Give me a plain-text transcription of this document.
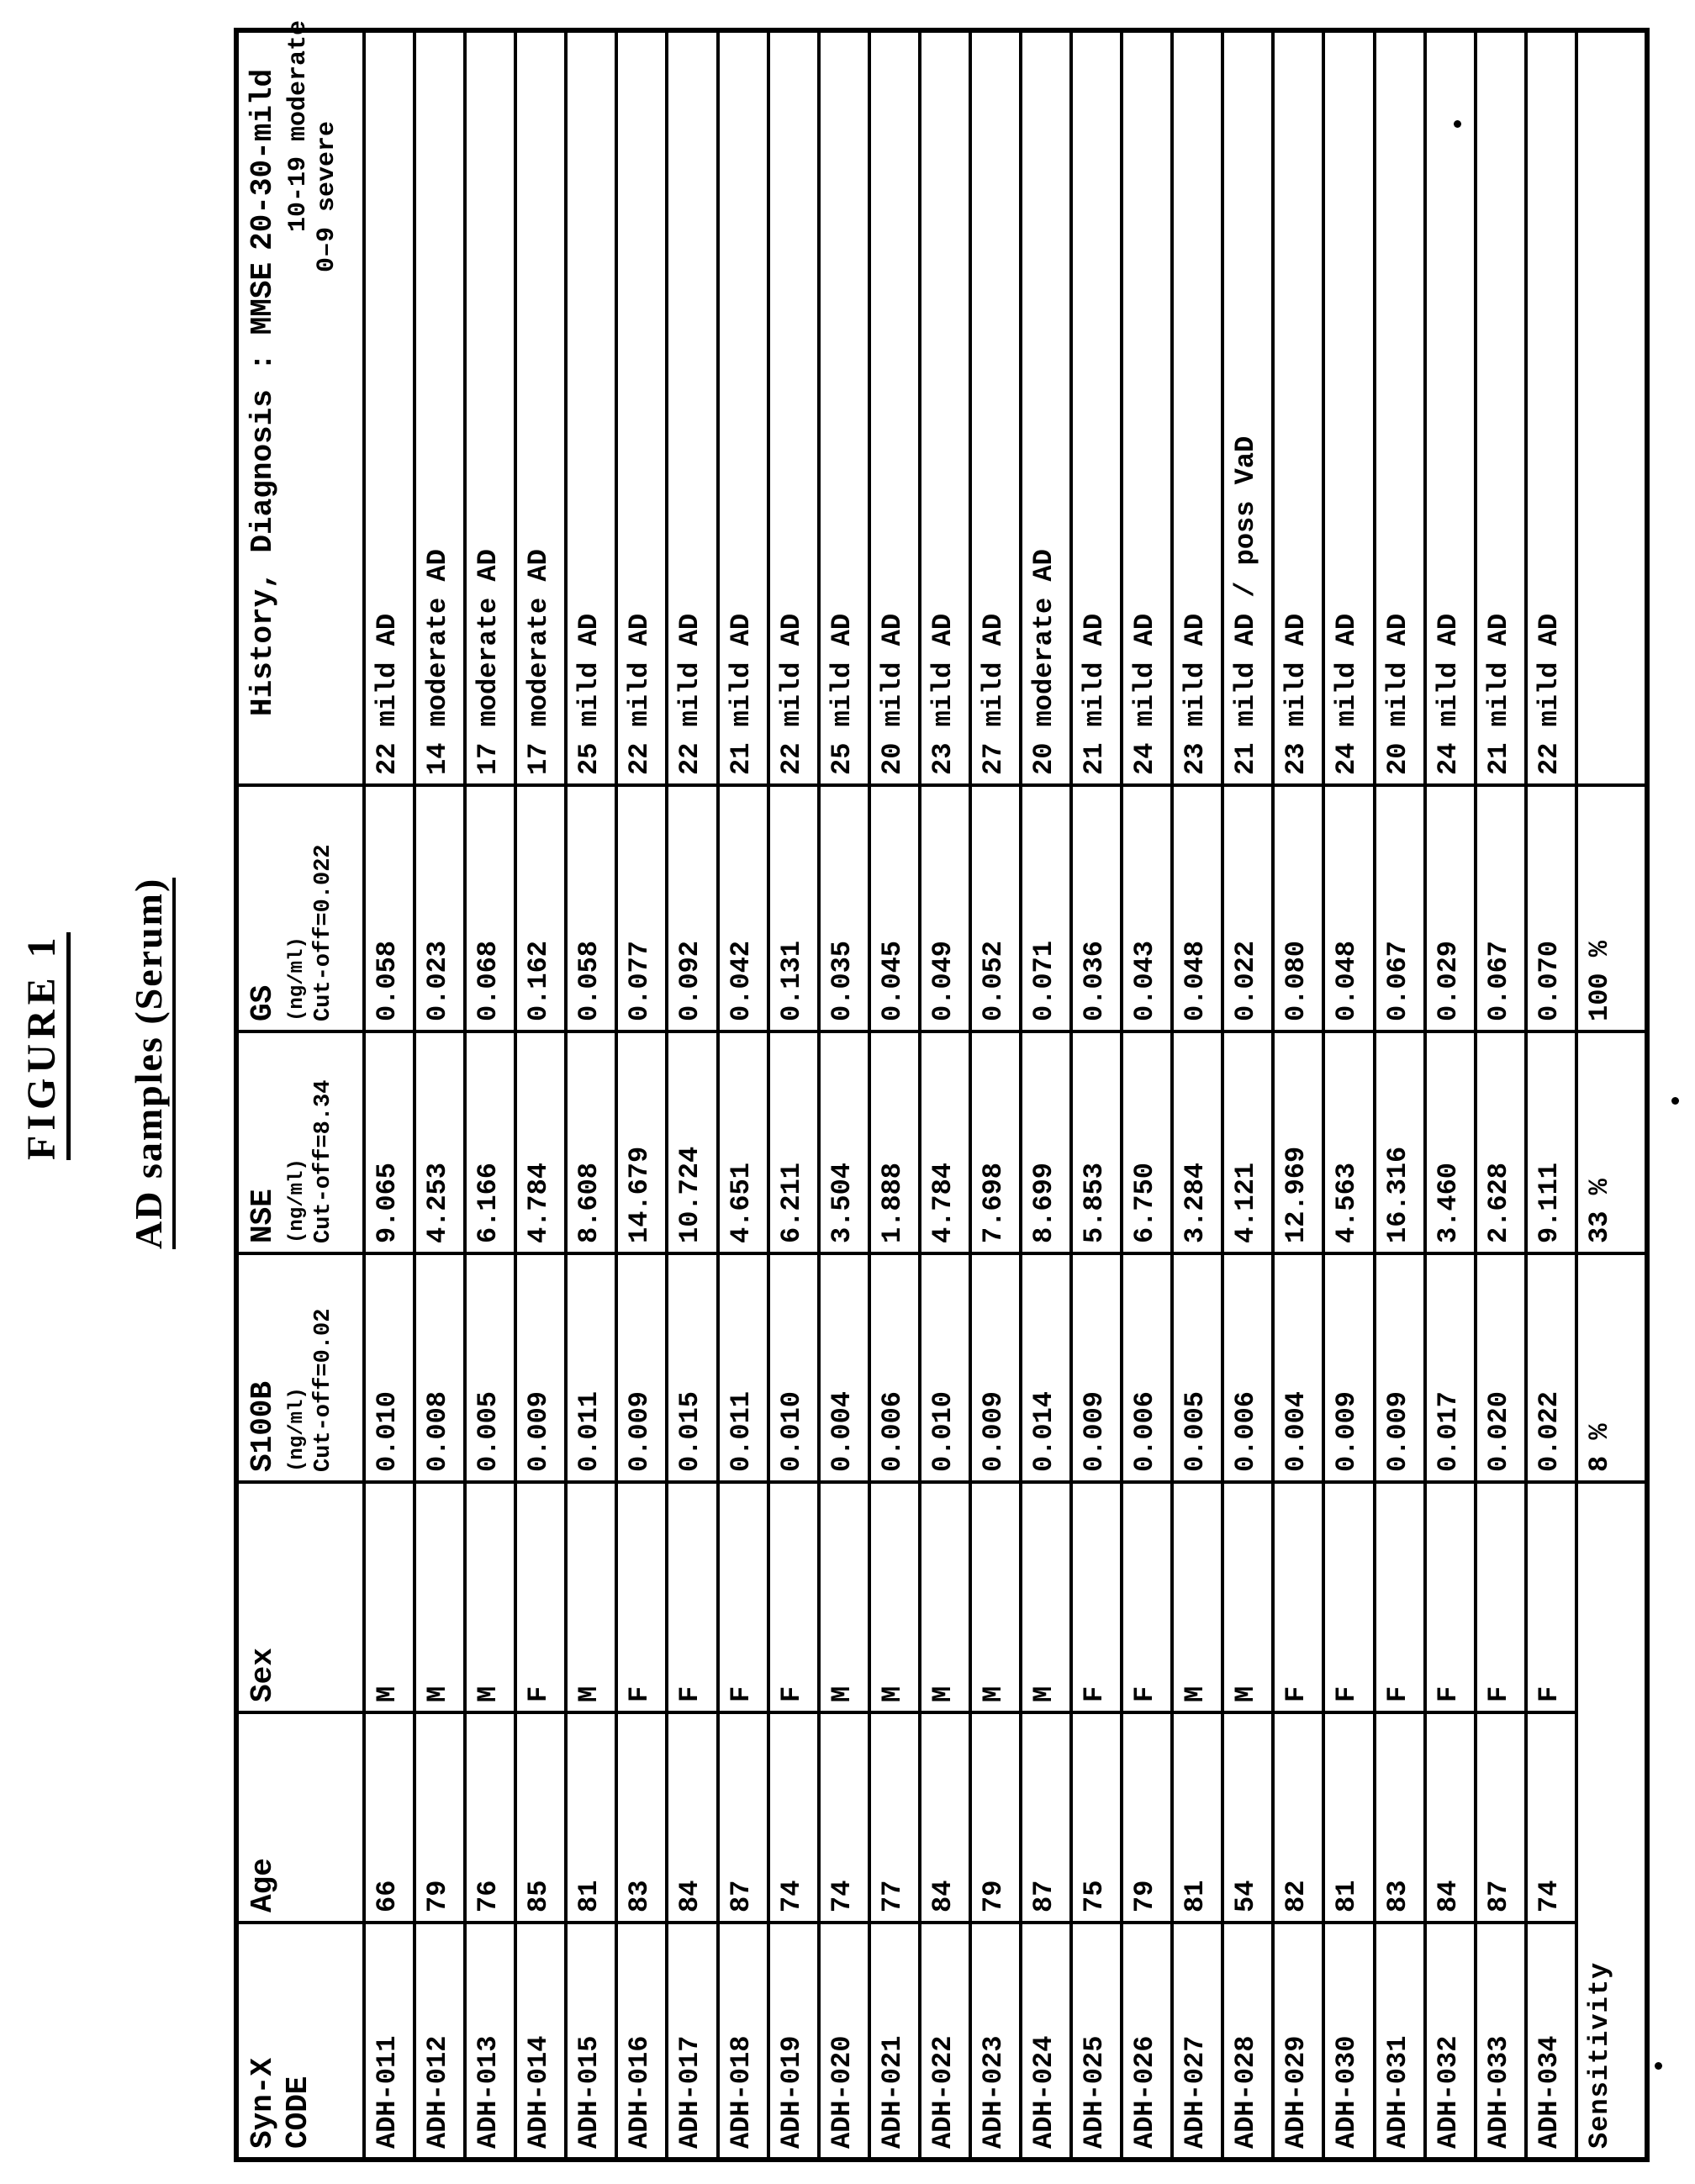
FIGURE 1 AD samples (Serum)
Syn-X CODE	Age	Sex	S100B (ng/ml) Cut-off=0.02	NSE (ng/ml) Cut-off=8.34	GS (ng/ml) Cut-off=0.022	History, Diagnosis : MMSE20-30-mild 10-19 moderate 0–9 severe

ADH-011	66	M	0.010	9.065	0.058	22 mild AD
ADH-012	79	M	0.008	4.253	0.023	14 moderate AD
ADH-013	76	M	0.005	6.166	0.068	17 moderate AD
ADH-014	85	F	0.009	4.784	0.162	17 moderate AD
ADH-015	81	M	0.011	8.608	0.058	25 mild AD
ADH-016	83	F	0.009	14.679	0.077	22 mild AD
ADH-017	84	F	0.015	10.724	0.092	22 mild AD
ADH-018	87	F	0.011	4.651	0.042	21 mild AD
ADH-019	74	F	0.010	6.211	0.131	22 mild AD
ADH-020	74	M	0.004	3.504	0.035	25 mild AD
ADH-021	77	M	0.006	1.888	0.045	20 mild AD
ADH-022	84	M	0.010	4.784	0.049	23 mild AD
ADH-023	79	M	0.009	7.698	0.052	27 mild AD
ADH-024	87	M	0.014	8.699	0.071	20 moderate AD
ADH-025	75	F	0.009	5.853	0.036	21 mild AD
ADH-026	79	F	0.006	6.750	0.043	24 mild AD
ADH-027	81	M	0.005	3.284	0.048	23 mild AD
ADH-028	54	M	0.006	4.121	0.022	21 mild AD / poss VaD
ADH-029	82	F	0.004	12.969	0.080	23 mild AD
ADH-030	81	F	0.009	4.563	0.048	24 mild AD
ADH-031	83	F	0.009	16.316	0.067	20 mild AD
ADH-032	84	F	0.017	3.460	0.029	24 mild AD
ADH-033	87	F	0.020	2.628	0.067	21 mild AD
ADH-034	74	F	0.022	9.111	0.070	22 mild AD
Sensitivity			8 %	33 %	100 %	
